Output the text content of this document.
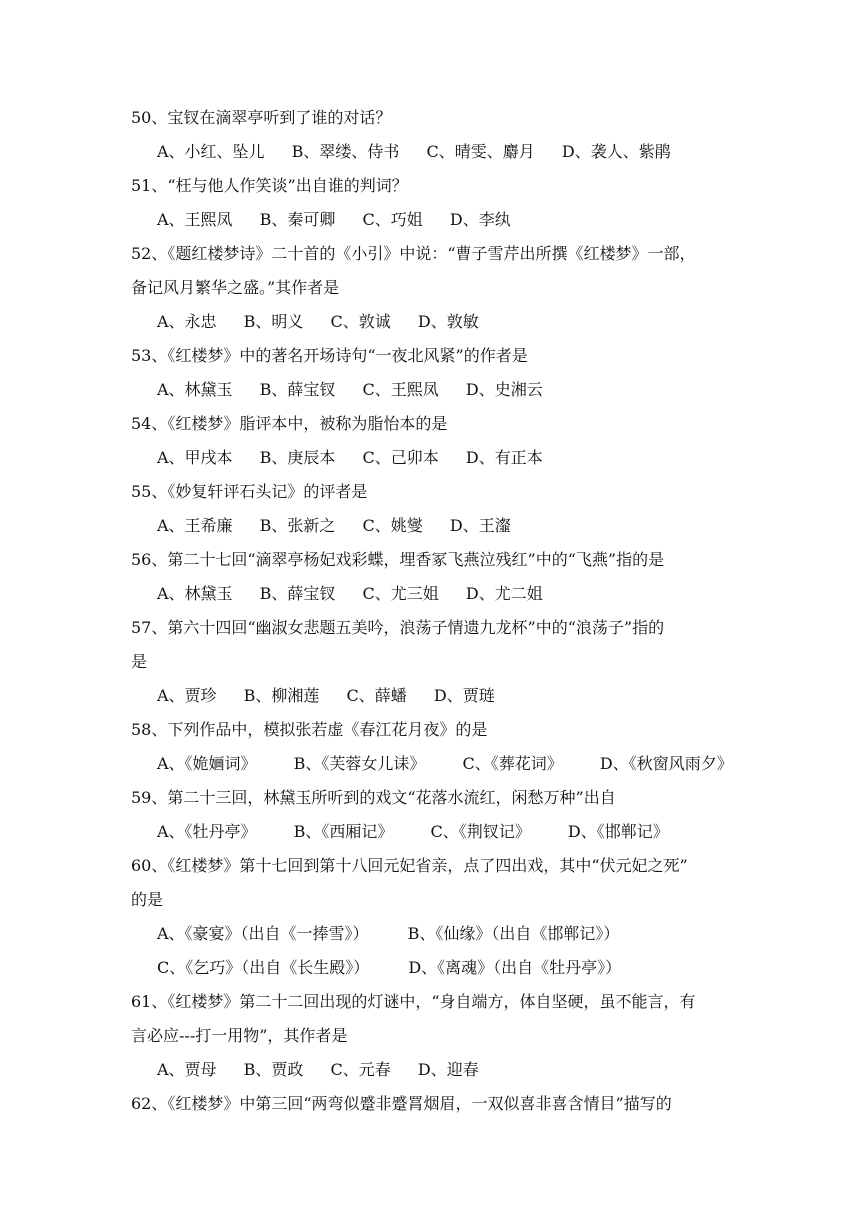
50、宝钗在滴翠亭听到了谁的对话？
A、小红、坠儿 B、翠缕、侍书 C、晴雯、麝月 D、袭人、紫鹃
51、“枉与他人作笑谈”出自谁的判词？
A、王熙凤 B、秦可卿 C、巧姐 D、李纨
52、《题红楼梦诗》二十首的《小引》中说：“曹子雪芹出所撰《红楼梦》一部，
备记风月繁华之盛。”其作者是
A、永忠 B、明义 C、敦诚 D、敦敏
53、《红楼梦》中的著名开场诗句“一夜北风紧”的作者是
A、林黛玉 B、薛宝钗 C、王熙凤 D、史湘云
54、《红楼梦》脂评本中，被称为脂怡本的是
A、甲戌本 B、庚辰本 C、己卯本 D、有正本
55、《妙复轩评石头记》的评者是
A、王希廉 B、张新之 C、姚燮 D、王瀣
56、第二十七回“滴翠亭杨妃戏彩蝶，埋香冢飞燕泣残红”中的“飞燕”指的是
A、林黛玉 B、薛宝钗 C、尤三姐 D、尤二姐
57、第六十四回“幽淑女悲题五美吟，浪荡子情遗九龙杯”中的“浪荡子”指的
是
A、贾珍 B、柳湘莲 C、薛蟠 D、贾琏
58、下列作品中，模拟张若虚《春江花月夜》的是
A、《姽婳词》 B、《芙蓉女儿诔》 C、《葬花词》 D、《秋窗风雨夕》
59、第二十三回，林黛玉所听到的戏文“花落水流红，闲愁万种”出自
A、《牡丹亭》 B、《西厢记》 C、《荆钗记》 D、《邯郸记》
60、《红楼梦》第十七回到第十八回元妃省亲，点了四出戏，其中“伏元妃之死”
的是
A、《豪宴》（出自《一捧雪》） B、《仙缘》（出自《邯郸记》）
C、《乞巧》（出自《长生殿》） D、《离魂》（出自《牡丹亭》）
61、《红楼梦》第二十二回出现的灯谜中，“身自端方，体自坚硬，虽不能言，有
言必应---打一用物”，其作者是
A、贾母 B、贾政 C、元春 D、迎春
62、《红楼梦》中第三回“两弯似蹙非蹙罥烟眉，一双似喜非喜含情目”描写的
